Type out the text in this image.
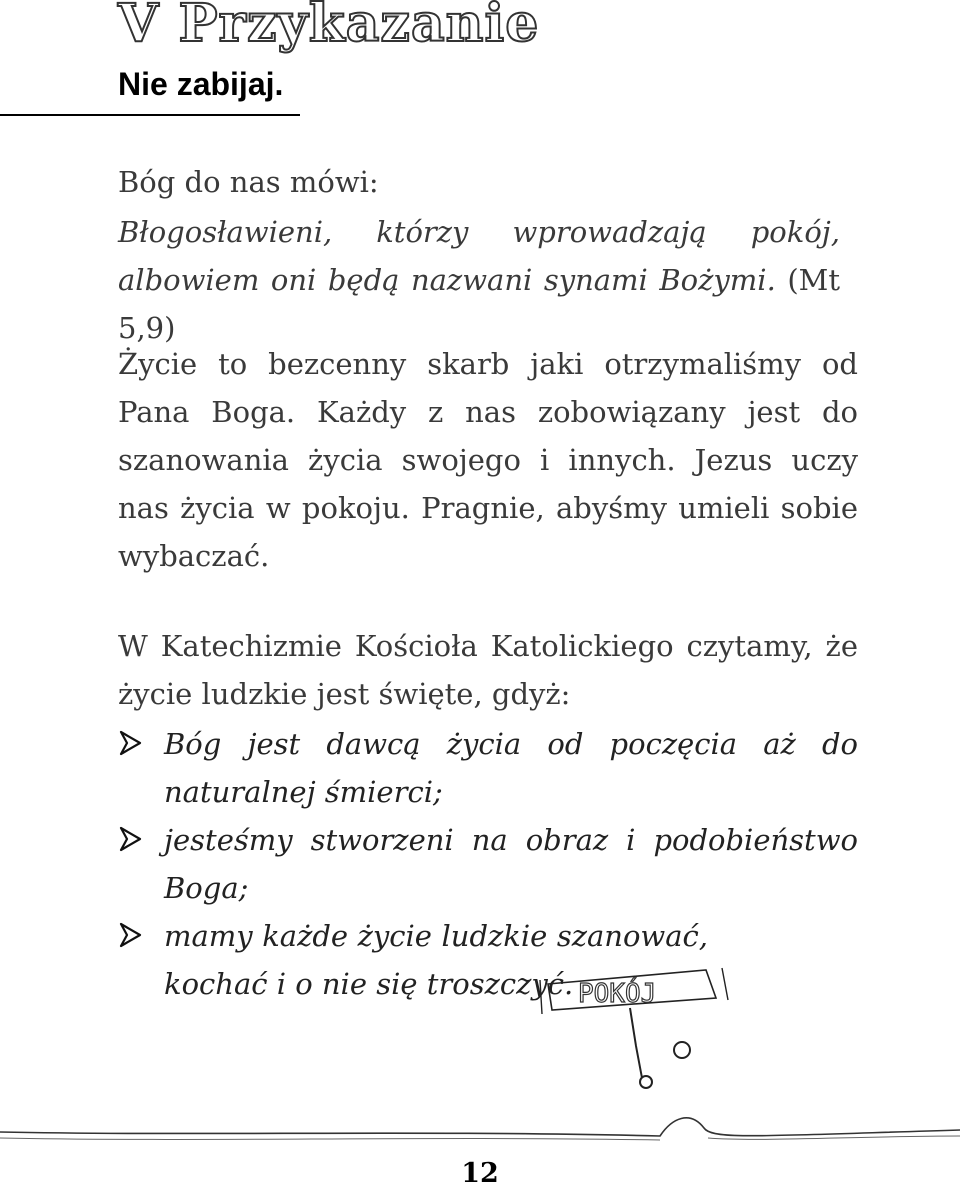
V Przykazanie

Nie zabijaj.

Bóg do nas mówi:

Błogosławieni, którzy wprowadzają pokój, albowiem oni będą nazwani synami Bożymi. (Mt 5,9)

Życie to bezcenny skarb jaki otrzymaliśmy od Pana Boga. Każdy z nas zobowiązany jest do szanowania życia swojego i innych. Jezus uczy nas życia w pokoju. Pragnie, abyśmy umieli sobie wybaczać.

W Katechizmie Kościoła Katolickiego czytamy, że życie ludzkie jest święte, gdyż:

Bóg jest dawcą życia od poczęcia aż do naturalnej śmierci;
jesteśmy stworzeni na obraz i podobieństwo Boga;
mamy każde życie ludzkie szanować, kochać i o nie się troszczyć. POKÓJ

12
